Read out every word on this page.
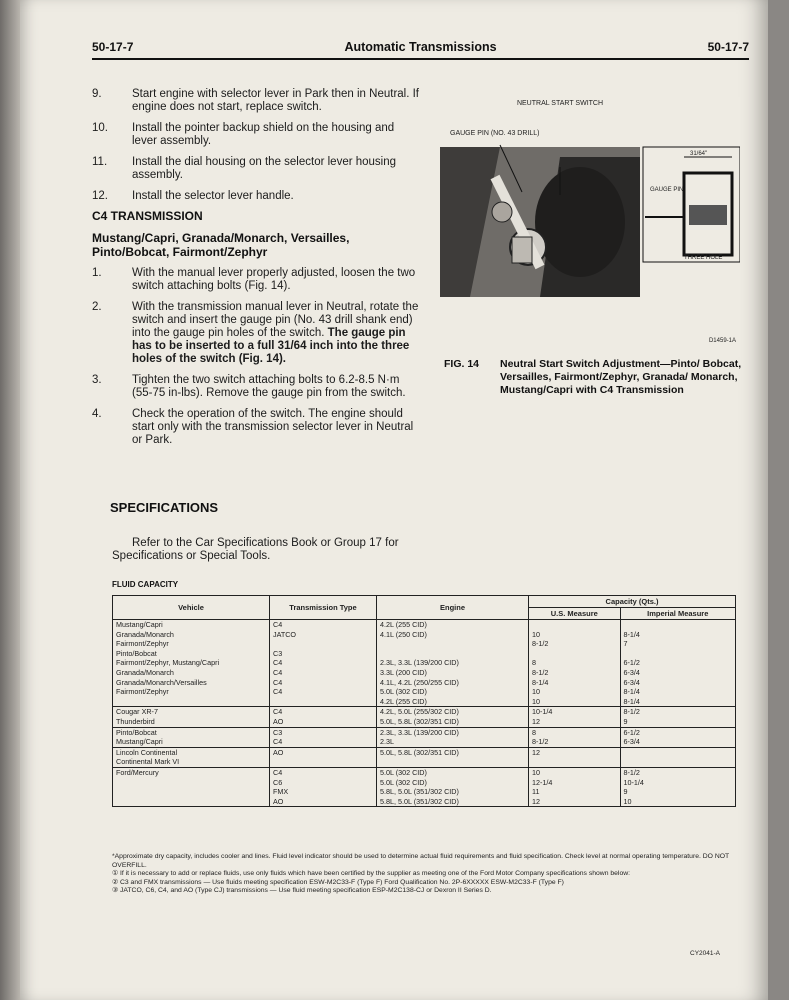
50-17-7	Automatic Transmissions	50-17-7
9.	Start engine with selector lever in Park then in Neutral. If engine does not start, replace switch.
10. Install the pointer backup shield on the housing and lever assembly.
11. Install the dial housing on the selector lever housing assembly.
12. Install the selector lever handle.
C4 TRANSMISSION
Mustang/Capri, Granada/Monarch, Versailles, Pinto/Bobcat, Fairmont/Zephyr
1.	With the manual lever properly adjusted, loosen the two switch attaching bolts (Fig. 14).
2.	With the transmission manual lever in Neutral, rotate the switch and insert the gauge pin (No. 43 drill shank end) into the gauge pin holes of the switch. The gauge pin has to be inserted to a full 31/64 inch into the three holes of the switch (Fig. 14).
3.	Tighten the two switch attaching bolts to 6.2-8.5 N·m (55-75 in-lbs). Remove the gauge pin from the switch.
4.	Check the operation of the switch. The engine should start only with the transmission selector lever in Neutral or Park.
NEUTRAL START SWITCH
GAUGE PIN (NO. 43 DRILL)
31/64"
GAUGE PIN
THREE HOLE
D1459-1A
FIG. 14	Neutral Start Switch Adjustment—Pinto/ Bobcat, Versailles, Fairmont/Zephyr, Granada/ Monarch, Mustang/Capri with C4 Transmission
SPECIFICATIONS
Refer to the Car Specifications Book or Group 17 for Specifications or Special Tools.
FLUID CAPACITY
Vehicle	Transmission Type	Engine	Capacity (Qts.)	
			U.S. Measure	Imperial Measure
Mustang/Capri	C4	4.2L (255 CID)		
Granada/Monarch	JATCO	4.1L (250 CID)	10	8-1/4
Fairmont/Zephyr			8-1/2	7
Pinto/Bobcat	C3			
Fairmont/Zephyr, Mustang/Capri	C4	2.3L, 3.3L (139/200 CID)	8	6-1/2
Granada/Monarch	C4	3.3L (200 CID)	8-1/2	6-3/4
Granada/Monarch/Versailles	C4	4.1L, 4.2L (250/255 CID)	8-1/4	6-3/4
Fairmont/Zephyr	C4	5.0L (302 CID)	10	8-1/4
		4.2L (255 CID)	10	8-1/4
Cougar XR-7	C4	4.2L, 5.0L (255/302 CID)	10-1/4	8-1/2
Thunderbird	AO	5.0L, 5.8L (302/351 CID)	12	9
Pinto/Bobcat	C3	2.3L, 3.3L (139/200 CID)	8	6-1/2
Mustang/Capri	C4	2.3L	8-1/2	6-3/4
Lincoln Continental	AO	5.0L, 5.8L (302/351 CID)	12	
Continental Mark VI				
Ford/Mercury	C4	5.0L (302 CID)	10	8-1/2
	C6	5.0L (302 CID)	12-1/4	10-1/4
	FMX	5.8L, 5.0L (351/302 CID)	11	9
	AO	5.8L, 5.0L (351/302 CID)	12	10
*Approximate dry capacity, includes cooler and lines. Fluid level indicator should be used to determine actual fluid requirements and fluid specification. Check level at normal operating temperature. DO NOT OVERFILL.
① If it is necessary to add or replace fluids, use only fluids which have been certified by the supplier as meeting one of the Ford Motor Company specifications shown below:
② C3 and FMX transmissions — Use fluids meeting specification ESW-M2C33-F (Type F) Ford Qualification No. 2P-6XXXXX ESW-M2C33-F (Type F)
③ JATCO, C6, C4, and AO (Type CJ) transmissions — Use fluid meeting specification ESP-M2C138-CJ or Dexron II Series D.
CY2041-A
